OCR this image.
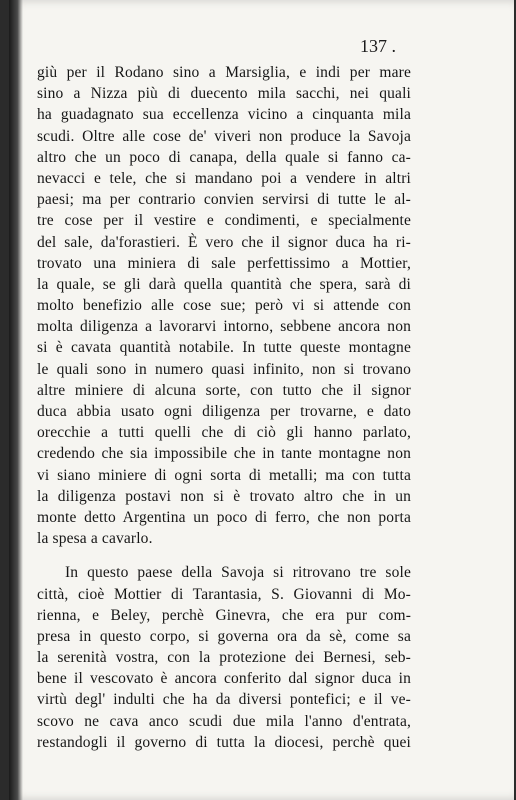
137 .
giù per il Rodano sino a Marsiglia, e indi per mare
sino a Nizza più di duecento mila sacchi, nei quali
ha guadagnato sua eccellenza vicino a cinquanta mila
scudi. Oltre alle cose de' viveri non produce la Savoja
altro che un poco di canapa, della quale si fanno ca-
nevacci e tele, che si mandano poi a vendere in altri
paesi; ma per contrario convien servirsi di tutte le al-
tre cose per il vestire e condimenti, e specialmente
del sale, da'forastieri. È vero che il signor duca ha ri-
trovato una miniera di sale perfettissimo a Mottier,
la quale, se gli darà quella quantità che spera, sarà di
molto benefizio alle cose sue; però vi si attende con
molta diligenza a lavorarvi intorno, sebbene ancora non
si è cavata quantità notabile. In tutte queste montagne
le quali sono in numero quasi infinito, non si trovano
altre miniere di alcuna sorte, con tutto che il signor
duca abbia usato ogni diligenza per trovarne, e dato
orecchie a tutti quelli che di ciò gli hanno parlato,
credendo che sia impossibile che in tante montagne non
vi siano miniere di ogni sorta di metalli; ma con tutta
la diligenza postavi non si è trovato altro che in un
monte detto Argentina un poco di ferro, che non porta
la spesa a cavarlo.
In questo paese della Savoja si ritrovano tre sole
città, cioè Mottier di Tarantasia, S. Giovanni di Mo-
rienna, e Beley, perchè Ginevra, che era pur com-
presa in questo corpo, si governa ora da sè, come sa
la serenità vostra, con la protezione dei Bernesi, seb-
bene il vescovato è ancora conferito dal signor duca in
virtù degl' indulti che ha da diversi pontefici; e il ve-
scovo ne cava anco scudi due mila l'anno d'entrata,
restandogli il governo di tutta la diocesi, perchè quei
